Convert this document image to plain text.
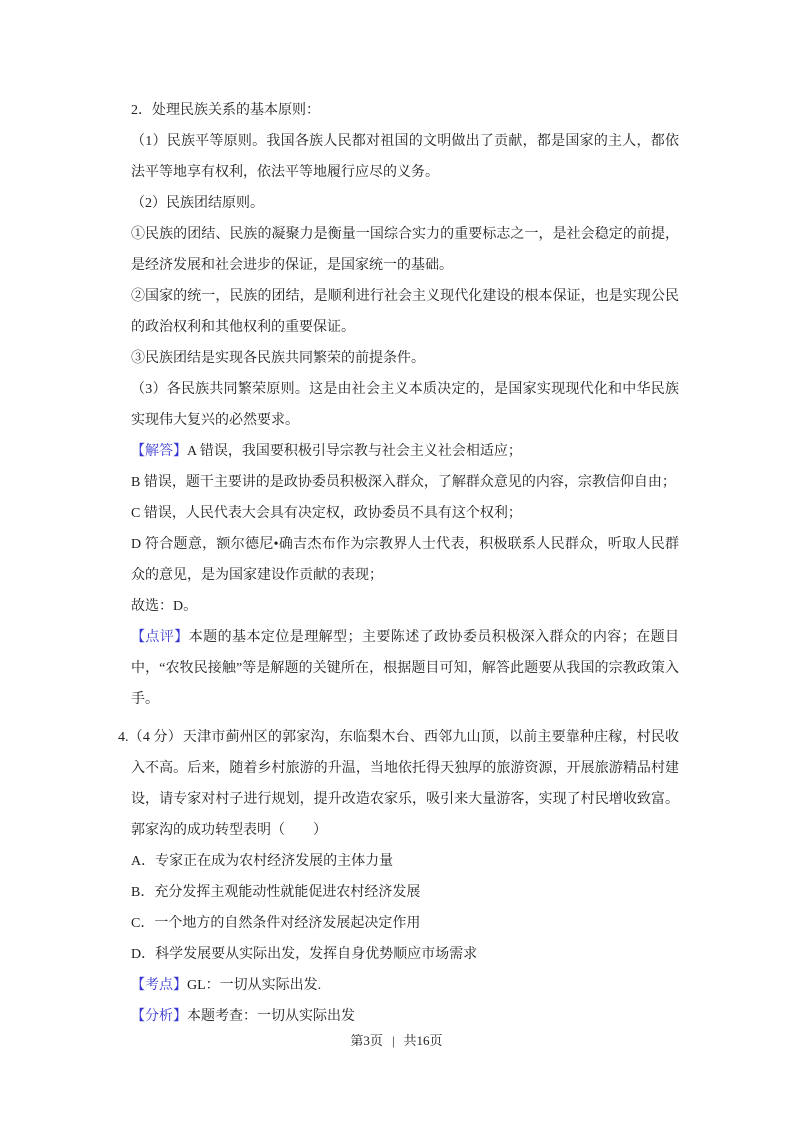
2．处理民族关系的基本原则：

（1）民族平等原则。我国各族人民都对祖国的文明做出了贡献，都是国家的主人，都依法平等地享有权利，依法平等地履行应尽的义务。

（2）民族团结原则。

①民族的团结、民族的凝聚力是衡量一国综合实力的重要标志之一，是社会稳定的前提，是经济发展和社会进步的保证，是国家统一的基础。

②国家的统一，民族的团结，是顺利进行社会主义现代化建设的根本保证，也是实现公民的政治权利和其他权利的重要保证。

③民族团结是实现各民族共同繁荣的前提条件。

（3）各民族共同繁荣原则。这是由社会主义本质决定的，是国家实现现代化和中华民族实现伟大复兴的必然要求。

【解答】A 错误，我国要积极引导宗教与社会主义社会相适应；

B 错误，题干主要讲的是政协委员积极深入群众，了解群众意见的内容，宗教信仰自由；

C 错误，人民代表大会具有决定权，政协委员不具有这个权利；

D 符合题意，额尔德尼•确吉杰布作为宗教界人士代表，积极联系人民群众，听取人民群众的意见，是为国家建设作贡献的表现；

故选：D。

【点评】本题的基本定位是理解型；主要陈述了政协委员积极深入群众的内容；在题目中，“农牧民接触”等是解题的关键所在，根据题目可知，解答此题要从我国的宗教政策入手。

4.（4 分）天津市蓟州区的郭家沟，东临梨木台、西邻九山顶，以前主要靠种庄稼，村民收入不高。后来，随着乡村旅游的升温，当地依托得天独厚的旅游资源，开展旅游精品村建设，请专家对村子进行规划，提升改造农家乐，吸引来大量游客，实现了村民增收致富。郭家沟的成功转型表明（　　）

A．专家正在成为农村经济发展的主体力量

B．充分发挥主观能动性就能促进农村经济发展

C．一个地方的自然条件对经济发展起决定作用

D．科学发展要从实际出发，发挥自身优势顺应市场需求

【考点】GL：一切从实际出发.

【分析】本题考查：一切从实际出发

第3页 | 共16页
